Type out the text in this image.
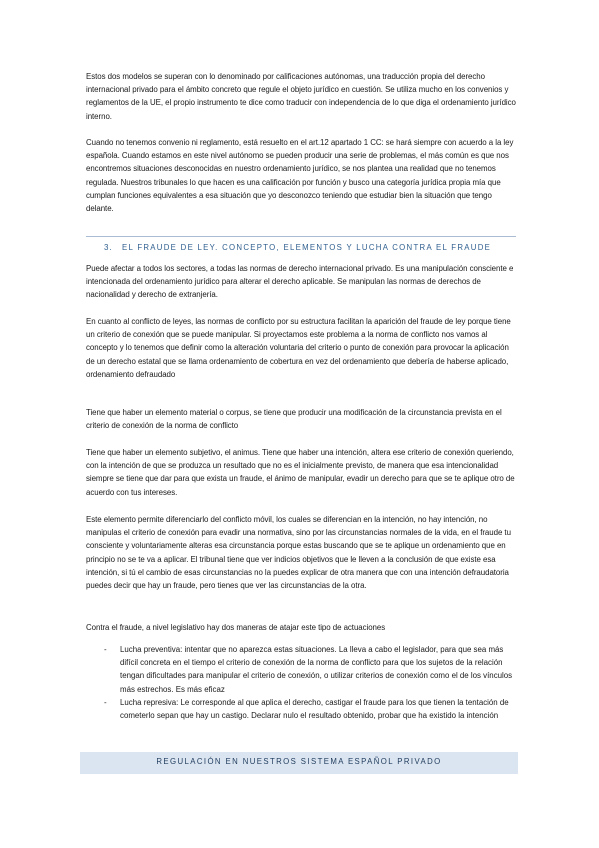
Estos dos modelos se superan con lo denominado por calificaciones autónomas, una traducción propia del derecho internacional privado para el ámbito concreto que regule el objeto jurídico en cuestión. Se utiliza mucho en los convenios y reglamentos de la UE, el propio instrumento te dice como traducir con independencia de lo que diga el ordenamiento jurídico interno.

Cuando no tenemos convenio ni reglamento, está resuelto en el art.12 apartado 1 CC: se hará siempre con acuerdo a la ley española. Cuando estamos en este nivel autónomo se pueden producir una serie de problemas, el más común es que nos encontremos situaciones desconocidas en nuestro ordenamiento jurídico, se nos plantea una realidad que no tenemos regulada. Nuestros tribunales lo que hacen es una calificación por función y busco una categoría jurídica propia mía que cumplan funciones equivalentes a esa situación que yo desconozco teniendo que estudiar bien la situación que tengo delante.

3. EL FRAUDE DE LEY. CONCEPTO, ELEMENTOS Y LUCHA CONTRA EL FRAUDE

Puede afectar a todos los sectores, a todas las normas de derecho internacional privado. Es una manipulación consciente e intencionada del ordenamiento jurídico para alterar el derecho aplicable. Se manipulan las normas de derechos de nacionalidad y derecho de extranjería.

En cuanto al conflicto de leyes, las normas de conflicto por su estructura facilitan la aparición del fraude de ley porque tiene un criterio de conexión que se puede manipular. Si proyectamos este problema a la norma de conflicto nos vamos al concepto y lo tenemos que definir como la alteración voluntaria del criterio o punto de conexión para provocar la aplicación de un derecho estatal que se llama ordenamiento de cobertura en vez del ordenamiento que debería de haberse aplicado, ordenamiento defraudado

Tiene que haber un elemento material o corpus, se tiene que producir una modificación de la circunstancia prevista en el criterio de conexión de la norma de conflicto

Tiene que haber un elemento subjetivo, el animus. Tiene que haber una intención, altera ese criterio de conexión queriendo, con la intención de que se produzca un resultado que no es el inicialmente previsto, de manera que esa intencionalidad siempre se tiene que dar para que exista un fraude, el ánimo de manipular, evadir un derecho para que se te aplique otro de acuerdo con tus intereses.

Este elemento permite diferenciarlo del conflicto móvil, los cuales se diferencian en la intención, no hay intención, no manipulas el criterio de conexión para evadir una normativa, sino por las circunstancias normales de la vida, en el fraude tu consciente y voluntariamente alteras esa circunstancia porque estas buscando que se te aplique un ordenamiento que en principio no se te va a aplicar. El tribunal tiene que ver indicios objetivos que le lleven a la conclusión de que existe esa intención, si tú el cambio de esas circunstancias no la puedes explicar de otra manera que con una intención defraudatoria puedes decir que hay un fraude, pero tienes que ver las circunstancias de la otra.

Contra el fraude, a nivel legislativo hay dos maneras de atajar este tipo de actuaciones

- Lucha preventiva: intentar que no aparezca estas situaciones. La lleva a cabo el legislador, para que sea más difícil concreta en el tiempo el criterio de conexión de la norma de conflicto para que los sujetos de la relación tengan dificultades para manipular el criterio de conexión, o utilizar criterios de conexión como el de los vínculos más estrechos. Es más eficaz
- Lucha represiva: Le corresponde al que aplica el derecho, castigar el fraude para los que tienen la tentación de cometerlo sepan que hay un castigo. Declarar nulo el resultado obtenido, probar que ha existido la intención
REGULACIÓN EN NUESTROS SISTEMA ESPAÑOL PRIVADO
